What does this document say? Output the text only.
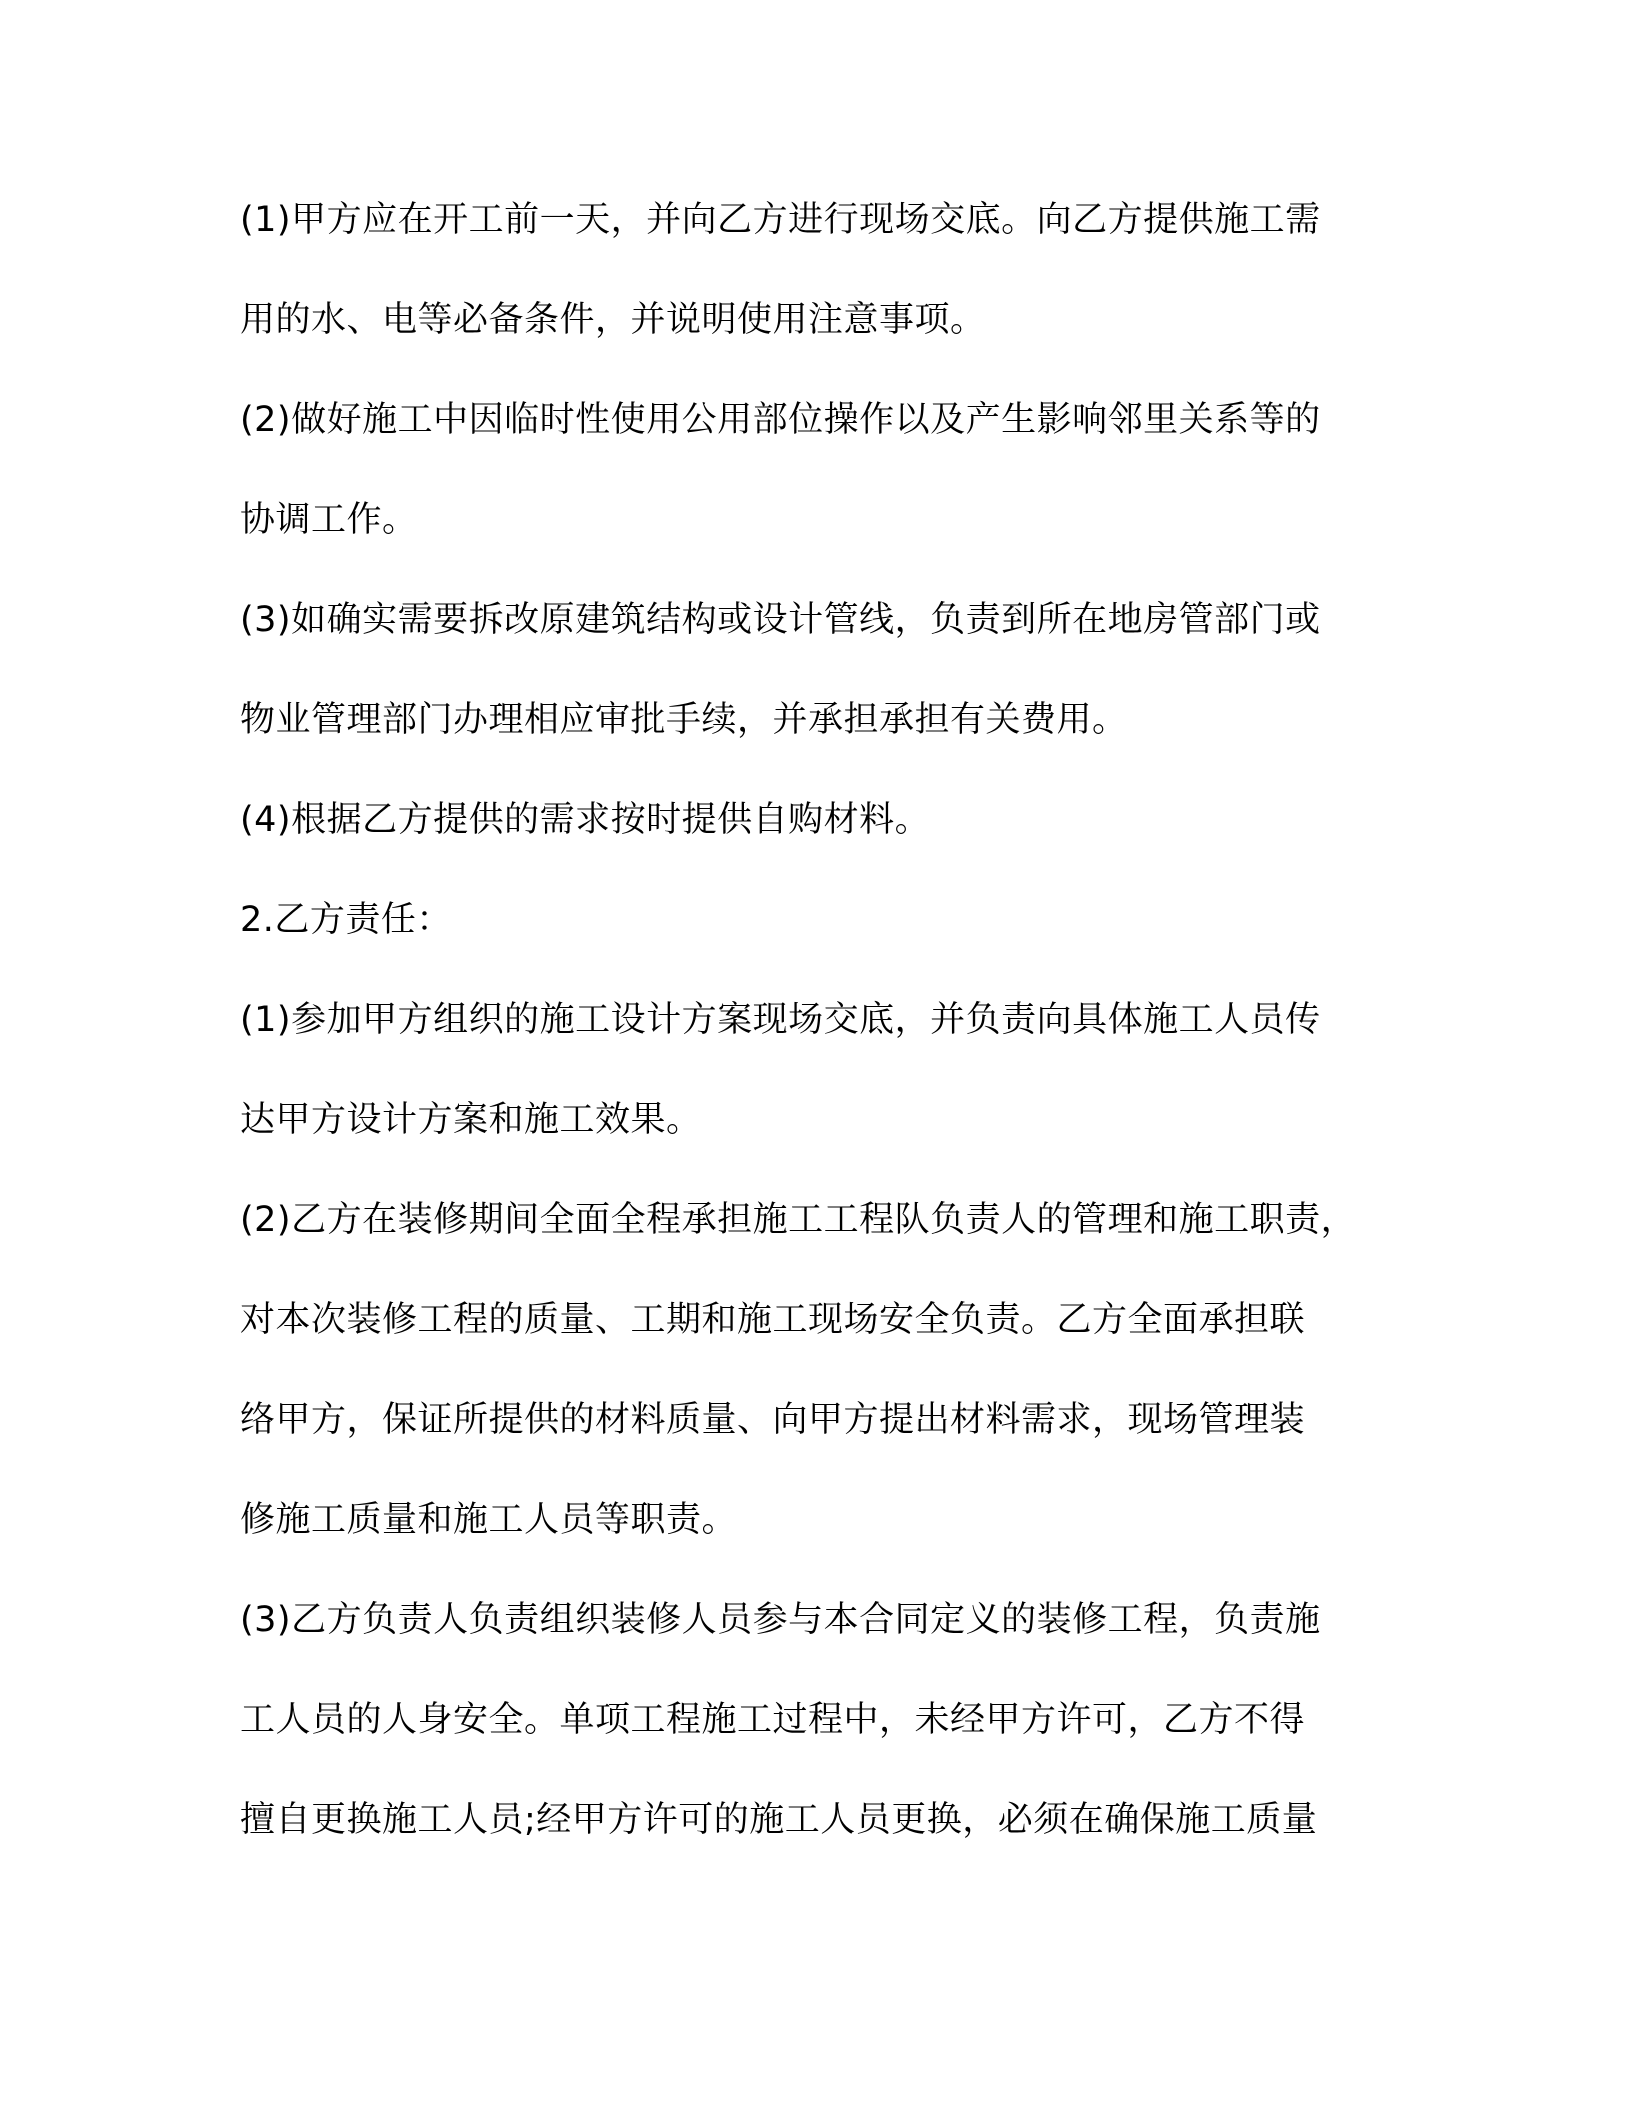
(1)甲方应在开工前一天，并向乙方进行现场交底。向乙方提供施工需
用的水、电等必备条件，并说明使用注意事项。
(2)做好施工中因临时性使用公用部位操作以及产生影响邻里关系等的
协调工作。
(3)如确实需要拆改原建筑结构或设计管线，负责到所在地房管部门或
物业管理部门办理相应审批手续，并承担承担有关费用。
(4)根据乙方提供的需求按时提供自购材料。
2.乙方责任：
(1)参加甲方组织的施工设计方案现场交底，并负责向具体施工人员传
达甲方设计方案和施工效果。
(2)乙方在装修期间全面全程承担施工工程队负责人的管理和施工职责，
对本次装修工程的质量、工期和施工现场安全负责。乙方全面承担联
络甲方，保证所提供的材料质量、向甲方提出材料需求，现场管理装
修施工质量和施工人员等职责。
(3)乙方负责人负责组织装修人员参与本合同定义的装修工程，负责施
工人员的人身安全。单项工程施工过程中，未经甲方许可，乙方不得
擅自更换施工人员;经甲方许可的施工人员更换，必须在确保施工质量
